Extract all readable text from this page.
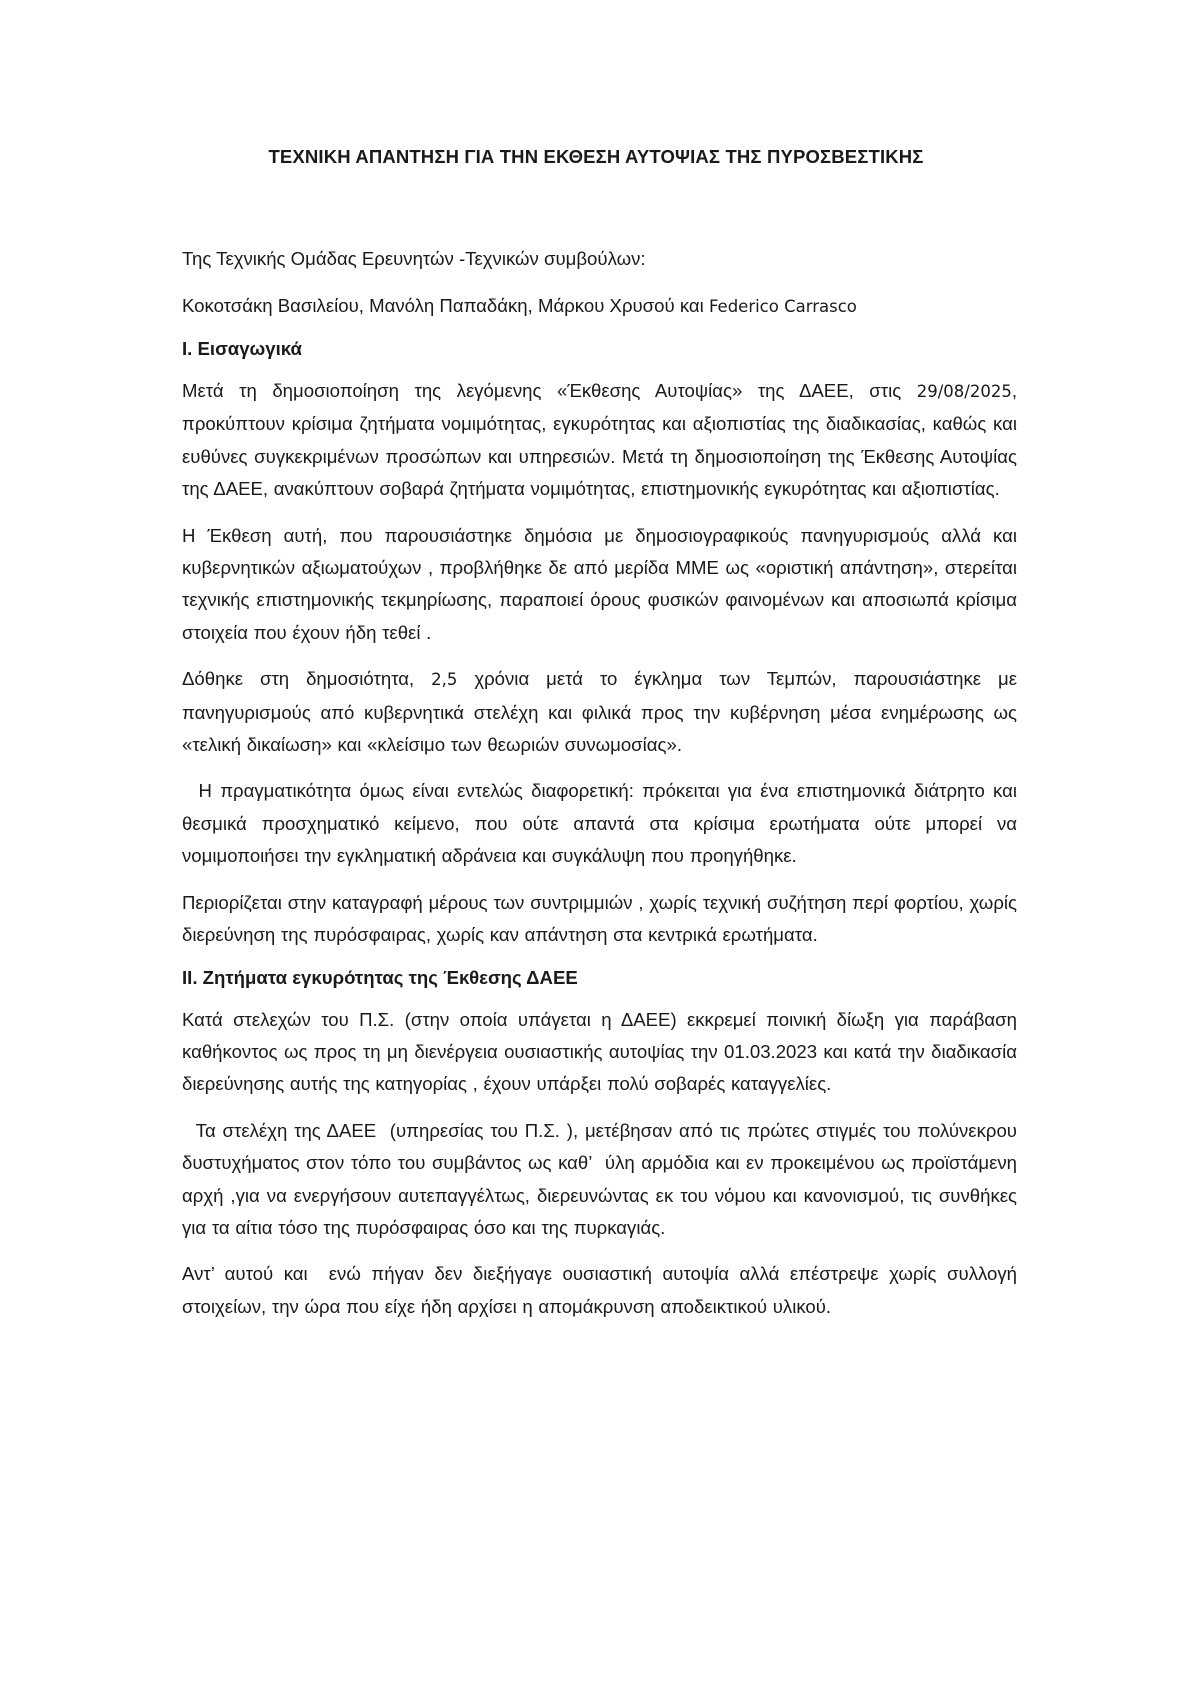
ΤΕΧΝΙΚΗ ΑΠΑΝΤΗΣΗ ΓΙΑ ΤΗΝ ΕΚΘΕΣΗ ΑΥΤΟΨΙΑΣ ΤΗΣ ΠΥΡΟΣΒΕΣΤΙΚΗΣ

Της Τεχνικής Ομάδας Ερευνητών -Τεχνικών συμβούλων:

Κοκοτσάκη Βασιλείου, Μανόλη Παπαδάκη, Μάρκου Χρυσού και Federico Carrasco

Ι. Εισαγωγικά

Μετά τη δημοσιοποίηση της λεγόμενης «Έκθεσης Αυτοψίας» της ΔΑΕΕ, στις 29/08/2025, προκύπτουν κρίσιμα ζητήματα νομιμότητας, εγκυρότητας και αξιοπιστίας της διαδικασίας, καθώς και ευθύνες συγκεκριμένων προσώπων και υπηρεσιών. Μετά τη δημοσιοποίηση της Έκθεσης Αυτοψίας της ΔΑΕΕ, ανακύπτουν σοβαρά ζητήματα νομιμότητας, επιστημονικής εγκυρότητας και αξιοπιστίας.

Η Έκθεση αυτή, που παρουσιάστηκε δημόσια με δημοσιογραφικούς πανηγυρισμούς αλλά και κυβερνητικών αξιωματούχων , προβλήθηκε δε από μερίδα ΜΜΕ ως «οριστική απάντηση», στερείται τεχνικής επιστημονικής τεκμηρίωσης, παραποιεί όρους φυσικών φαινομένων και αποσιωπά κρίσιμα στοιχεία που έχουν ήδη τεθεί .

Δόθηκε στη δημοσιότητα, 2,5 χρόνια μετά το έγκλημα των Τεμπών, παρουσιάστηκε με πανηγυρισμούς από κυβερνητικά στελέχη και φιλικά προς την κυβέρνηση μέσα ενημέρωσης ως «τελική δικαίωση» και «κλείσιμο των θεωριών συνωμοσίας».

Η πραγματικότητα όμως είναι εντελώς διαφορετική: πρόκειται για ένα επιστημονικά διάτρητο και θεσμικά προσχηματικό κείμενο, που ούτε απαντά στα κρίσιμα ερωτήματα ούτε μπορεί να νομιμοποιήσει την εγκληματική αδράνεια και συγκάλυψη που προηγήθηκε.

Περιορίζεται στην καταγραφή μέρους των συντριμμιών , χωρίς τεχνική συζήτηση περί φορτίου, χωρίς διερεύνηση της πυρόσφαιρας, χωρίς καν απάντηση στα κεντρικά ερωτήματα.

ΙΙ. Ζητήματα εγκυρότητας της Έκθεσης ΔΑΕΕ

Κατά στελεχών του Π.Σ. (στην οποία υπάγεται η ΔΑΕΕ) εκκρεμεί ποινική δίωξη για παράβαση καθήκοντος ως προς τη μη διενέργεια ουσιαστικής αυτοψίας την 01.03.2023 και κατά την διαδικασία διερεύνησης αυτής της κατηγορίας , έχουν υπάρξει πολύ σοβαρές καταγγελίες.

Τα στελέχη της ΔΑΕΕ  (υπηρεσίας του Π.Σ. ), μετέβησαν από τις πρώτες στιγμές του πολύνεκρου δυστυχήματος στον τόπο του συμβάντος ως καθ’  ύλη αρμόδια και εν προκειμένου ως προϊστάμενη αρχή ,για να ενεργήσουν αυτεπαγγέλτως, διερευνώντας εκ του νόμου και κανονισμού, τις συνθήκες για τα αίτια τόσο της πυρόσφαιρας όσο και της πυρκαγιάς.

Αντ’ αυτού και  ενώ πήγαν δεν διεξήγαγε ουσιαστική αυτοψία αλλά επέστρεψε χωρίς συλλογή στοιχείων, την ώρα που είχε ήδη αρχίσει η απομάκρυνση αποδεικτικού υλικού.
